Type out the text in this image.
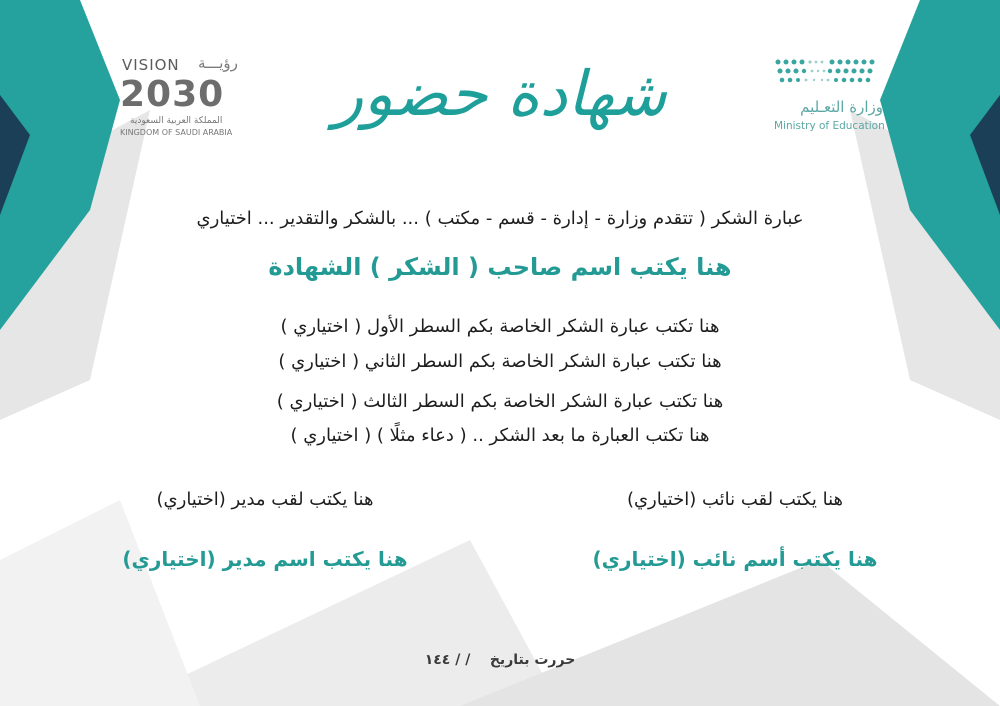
VISION رؤيـــة
2030
المملكة العربية السعودية
KINGDOM OF SAUDI ARABIA
شهادة حضور	وزارة التعـليم
Ministry of Education
عبارة الشكر ( تتقدم وزارة - إدارة - قسم - مكتب ) ... بالشكر والتقدير ... اختياري
هنا يكتب اسم صاحب ( الشكر ) الشهادة
هنا تكتب عبارة الشكر الخاصة بكم السطر الأول ( اختياري )
هنا تكتب عبارة الشكر الخاصة بكم السطر الثاني ( اختياري )
هنا تكتب عبارة الشكر الخاصة بكم السطر الثالث ( اختياري )
هنا تكتب العبارة ما بعد الشكر .. ( دعاء مثلًا ) ( اختياري )
هنا يكتب لقب نائب (اختياري)
هنا يكتب لقب مدير (اختياري)
هنا يكتب أسم نائب (اختياري)
هنا يكتب اسم مدير (اختياري)
حررت بتاريخ    / / ١٤٤
